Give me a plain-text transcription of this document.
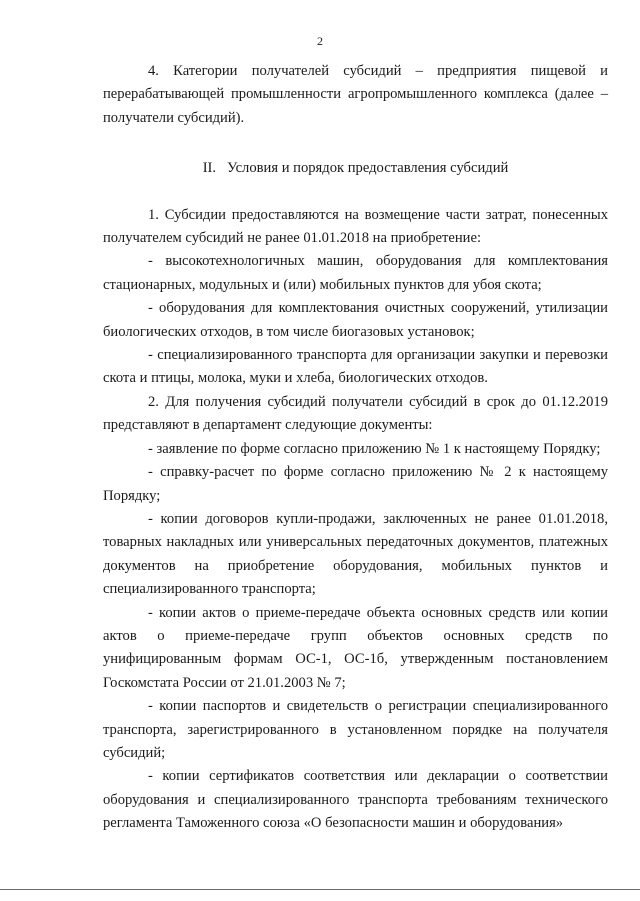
2

4. Категории получателей субсидий – предприятия пищевой и перерабатывающей промышленности агропромышленного комплекса (далее – получатели субсидий).

II.   Условия и порядок предоставления субсидий

1. Субсидии предоставляются на возмещение части затрат, понесенных получателем субсидий не ранее 01.01.2018 на приобретение:

- высокотехнологичных машин, оборудования для комплектования стационарных, модульных и (или) мобильных пунктов для убоя скота;

- оборудования для комплектования очистных сооружений, утилизации биологических отходов, в том числе биогазовых установок;

- специализированного транспорта для организации закупки и перевозки скота и птицы, молока, муки и хлеба, биологических отходов.

2. Для получения субсидий получатели субсидий в срок до 01.12.2019 представляют в департамент следующие документы:

- заявление по форме согласно приложению № 1 к настоящему Порядку;

- справку-расчет по форме согласно приложению № 2 к настоящему Порядку;

- копии договоров купли-продажи, заключенных не ранее 01.01.2018, товарных накладных или универсальных передаточных документов, платежных документов на приобретение оборудования, мобильных пунктов и специализированного транспорта;

- копии актов о приеме-передаче объекта основных средств или копии актов о приеме-передаче групп объектов основных средств по унифицированным формам ОС-1, ОС-1б, утвержденным постановлением Госкомстата России от 21.01.2003 № 7;

- копии паспортов и свидетельств о регистрации специализированного транспорта, зарегистрированного в установленном порядке на получателя субсидий;

- копии сертификатов соответствия или декларации о соответствии оборудования и специализированного транспорта требованиям технического регламента Таможенного союза «О безопасности машин и оборудования»
